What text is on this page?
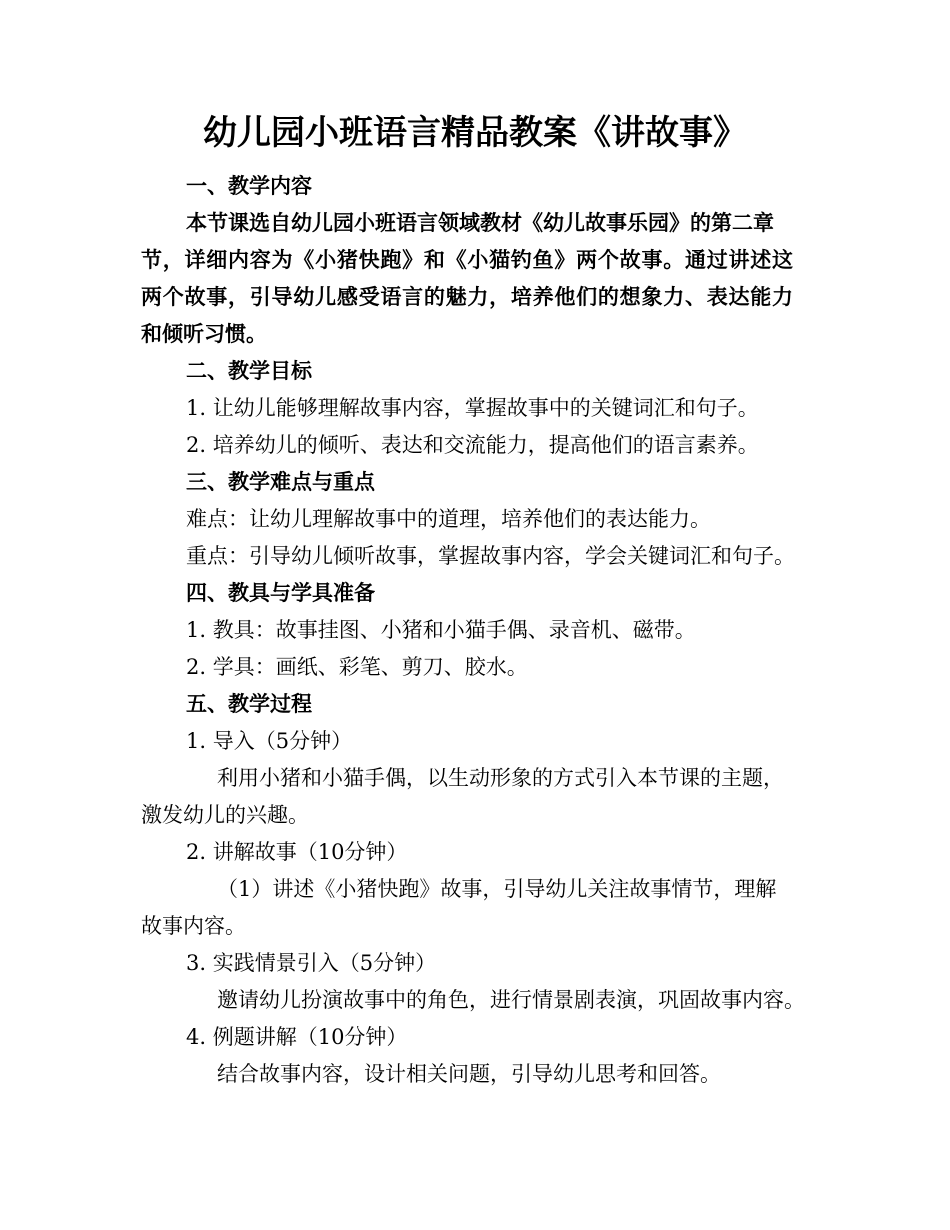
幼儿园小班语言精品教案《讲故事》
一、教学内容
本节课选自幼儿园小班语言领域教材《幼儿故事乐园》的第二章
节，详细内容为《小猪快跑》和《小猫钓鱼》两个故事。通过讲述这
两个故事，引导幼儿感受语言的魅力，培养他们的想象力、表达能力
和倾听习惯。
二、教学目标
1. 让幼儿能够理解故事内容，掌握故事中的关键词汇和句子。
2. 培养幼儿的倾听、表达和交流能力，提高他们的语言素养。
三、教学难点与重点
难点：让幼儿理解故事中的道理，培养他们的表达能力。
重点：引导幼儿倾听故事，掌握故事内容，学会关键词汇和句子。
四、教具与学具准备
1. 教具：故事挂图、小猪和小猫手偶、录音机、磁带。
2. 学具：画纸、彩笔、剪刀、胶水。
五、教学过程
1. 导入（5分钟）
利用小猪和小猫手偶，以生动形象的方式引入本节课的主题，
激发幼儿的兴趣。
2. 讲解故事（10分钟）
（1）讲述《小猪快跑》故事，引导幼儿关注故事情节，理解
故事内容。
3. 实践情景引入（5分钟）
邀请幼儿扮演故事中的角色，进行情景剧表演，巩固故事内容。
4. 例题讲解（10分钟）
结合故事内容，设计相关问题，引导幼儿思考和回答。
